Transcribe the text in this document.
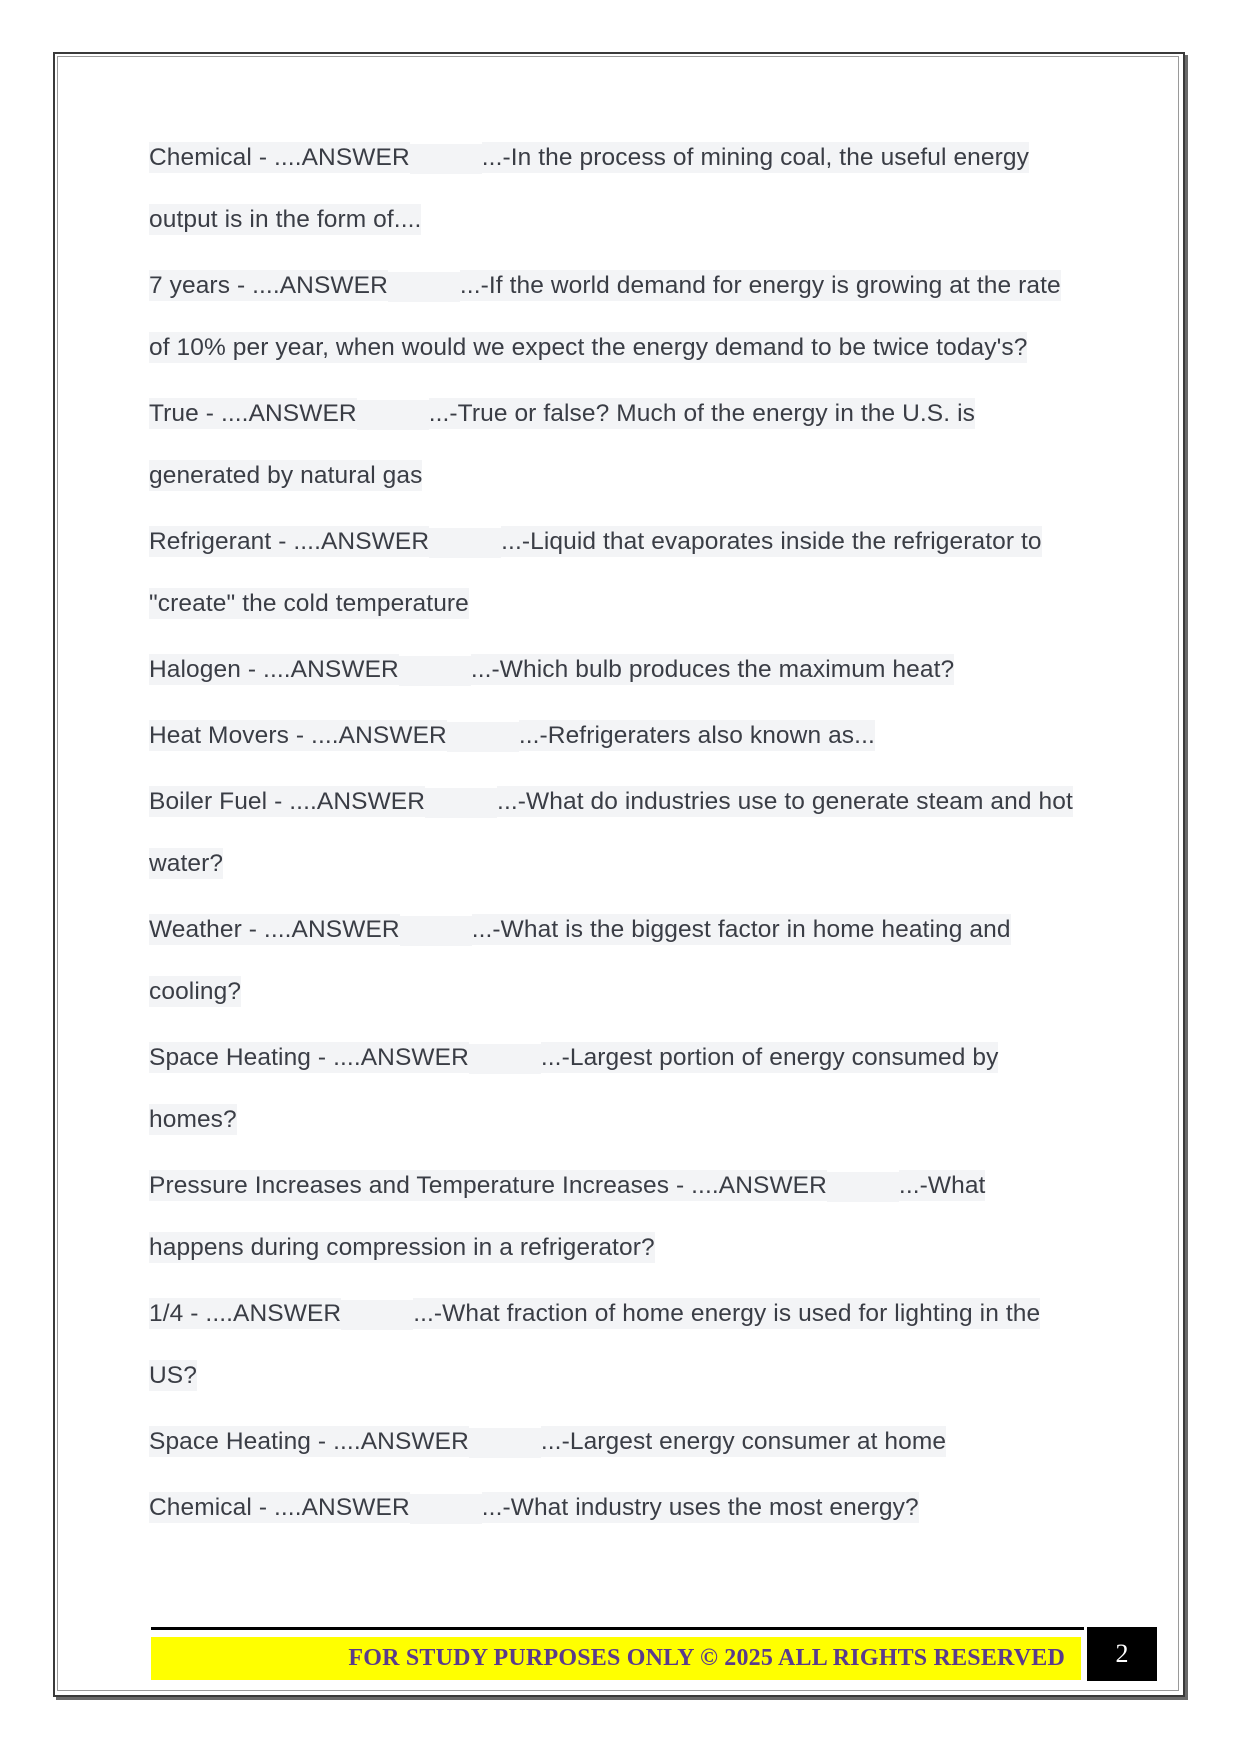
Chemical - ....ANSWER	...-In the process of mining coal, the useful energy
output is in the form of....
7 years - ....ANSWER	...-If the world demand for energy is growing at the rate
of 10% per year, when would we expect the energy demand to be twice today's?
True - ....ANSWER	...-True or false? Much of the energy in the U.S. is
generated by natural gas
Refrigerant - ....ANSWER	...-Liquid that evaporates inside the refrigerator to
"create" the cold temperature
Halogen - ....ANSWER	...-Which bulb produces the maximum heat?
Heat Movers - ....ANSWER	...-Refrigeraters also known as...
Boiler Fuel - ....ANSWER	...-What do industries use to generate steam and hot
water?
Weather - ....ANSWER	...-What is the biggest factor in home heating and
cooling?
Space Heating - ....ANSWER	...-Largest portion of energy consumed by
homes?
Pressure Increases and Temperature Increases - ....ANSWER	...-What
happens during compression in a refrigerator?
1/4 - ....ANSWER	...-What fraction of home energy is used for lighting in the
US?
Space Heating - ....ANSWER	...-Largest energy consumer at home
Chemical - ....ANSWER	...-What industry uses the most energy?
FOR STUDY PURPOSES ONLY © 2025 ALL RIGHTS RESERVED	2
